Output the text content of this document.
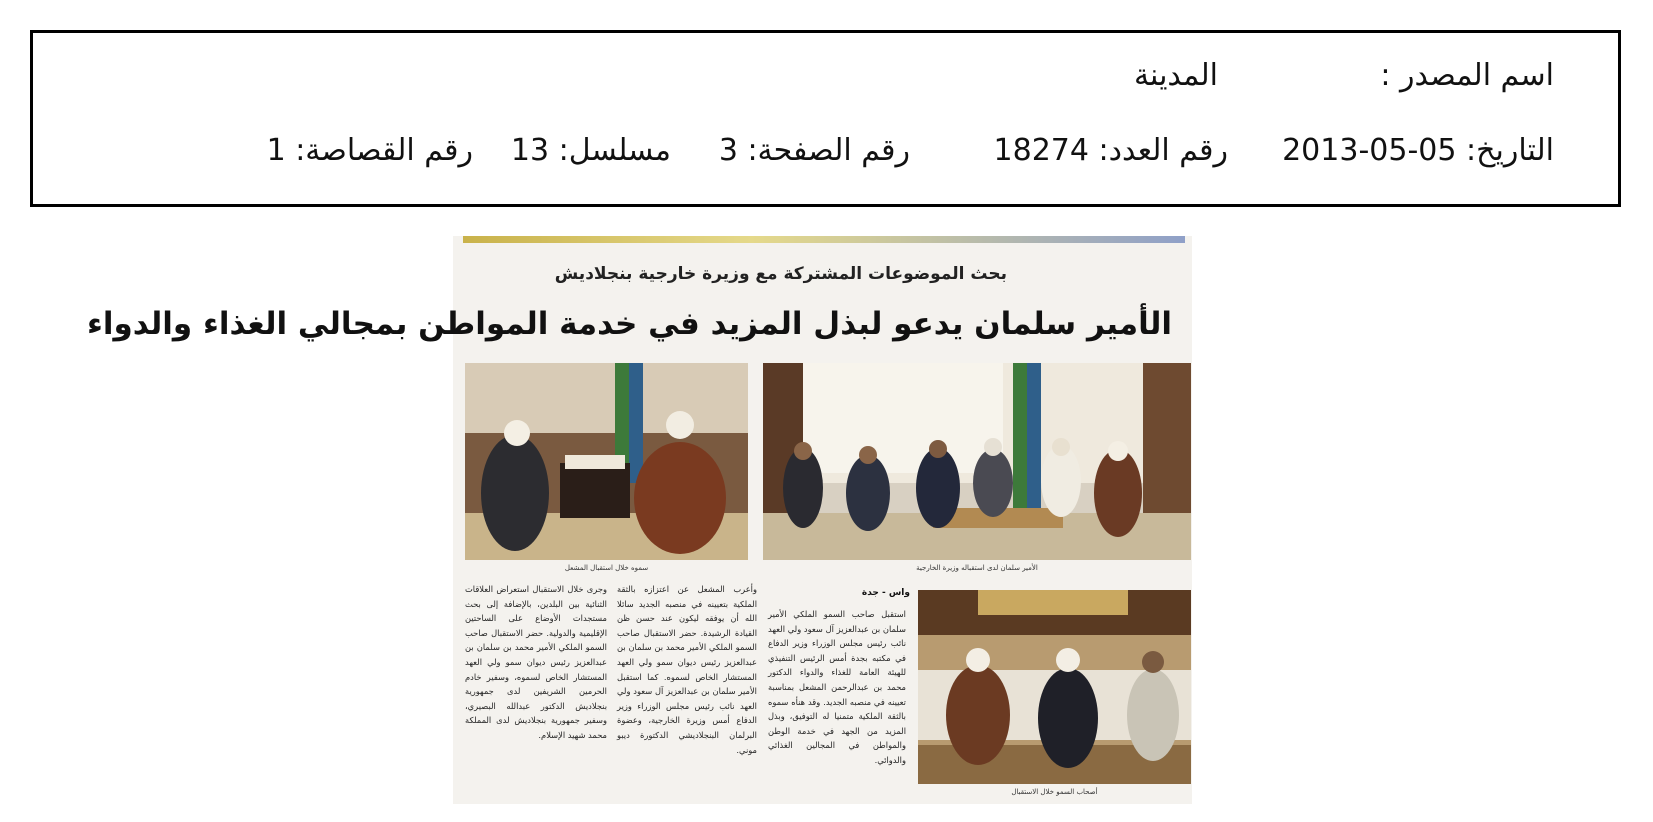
اسم المصدر :
المدينة
التاريخ: 05-05-2013
رقم العدد: 18274
رقم الصفحة: 3
مسلسل: 13
رقم القصاصة: 1
بحث الموضوعات المشتركة مع وزيرة خارجية بنجلاديش
الأمير سلمان يدعو لبذل المزيد في خدمة المواطن بمجالي الغذاء والدواء
الأمير سلمان لدى استقباله وزيرة الخارجية
سموه خلال استقبال المشعل
أصحاب السمو خلال الاستقبال
واس - جدة
استقبل صاحب السمو الملكي الأمير سلمان بن عبدالعزيز آل سعود ولي العهد نائب رئيس مجلس الوزراء وزير الدفاع في مكتبه بجدة أمس الرئيس التنفيذي للهيئة العامة للغذاء والدواء الدكتور محمد بن عبدالرحمن المشعل بمناسبة تعيينه في منصبه الجديد. وقد هنأه سموه بالثقة الملكية متمنيا له التوفيق، وبذل المزيد من الجهد في خدمة الوطن والمواطن في المجالين الغذائي والدوائي.
وأعرب المشعل عن اعتزازه بالثقة الملكية بتعيينه في منصبه الجديد سائلا الله أن يوفقه ليكون عند حسن ظن القيادة الرشيدة. حضر الاستقبال صاحب السمو الملكي الأمير محمد بن سلمان بن عبدالعزيز رئيس ديوان سمو ولي العهد المستشار الخاص لسموه. كما استقبل الأمير سلمان بن عبدالعزيز آل سعود ولي العهد نائب رئيس مجلس الوزراء وزير الدفاع أمس وزيرة الخارجية، وعضوة البرلمان البنجلاديشي الدكتورة ديبو موني.
وجرى خلال الاستقبال استعراض العلاقات الثنائية بين البلدين، بالإضافة إلى بحث مستجدات الأوضاع على الساحتين الإقليمية والدولية. حضر الاستقبال صاحب السمو الملكي الأمير محمد بن سلمان بن عبدالعزيز رئيس ديوان سمو ولي العهد المستشار الخاص لسموه، وسفير خادم الحرمين الشريفين لدى جمهورية بنجلاديش الدكتور عبدالله البصيري، وسفير جمهورية بنجلاديش لدى المملكة محمد شهيد الإسلام.
